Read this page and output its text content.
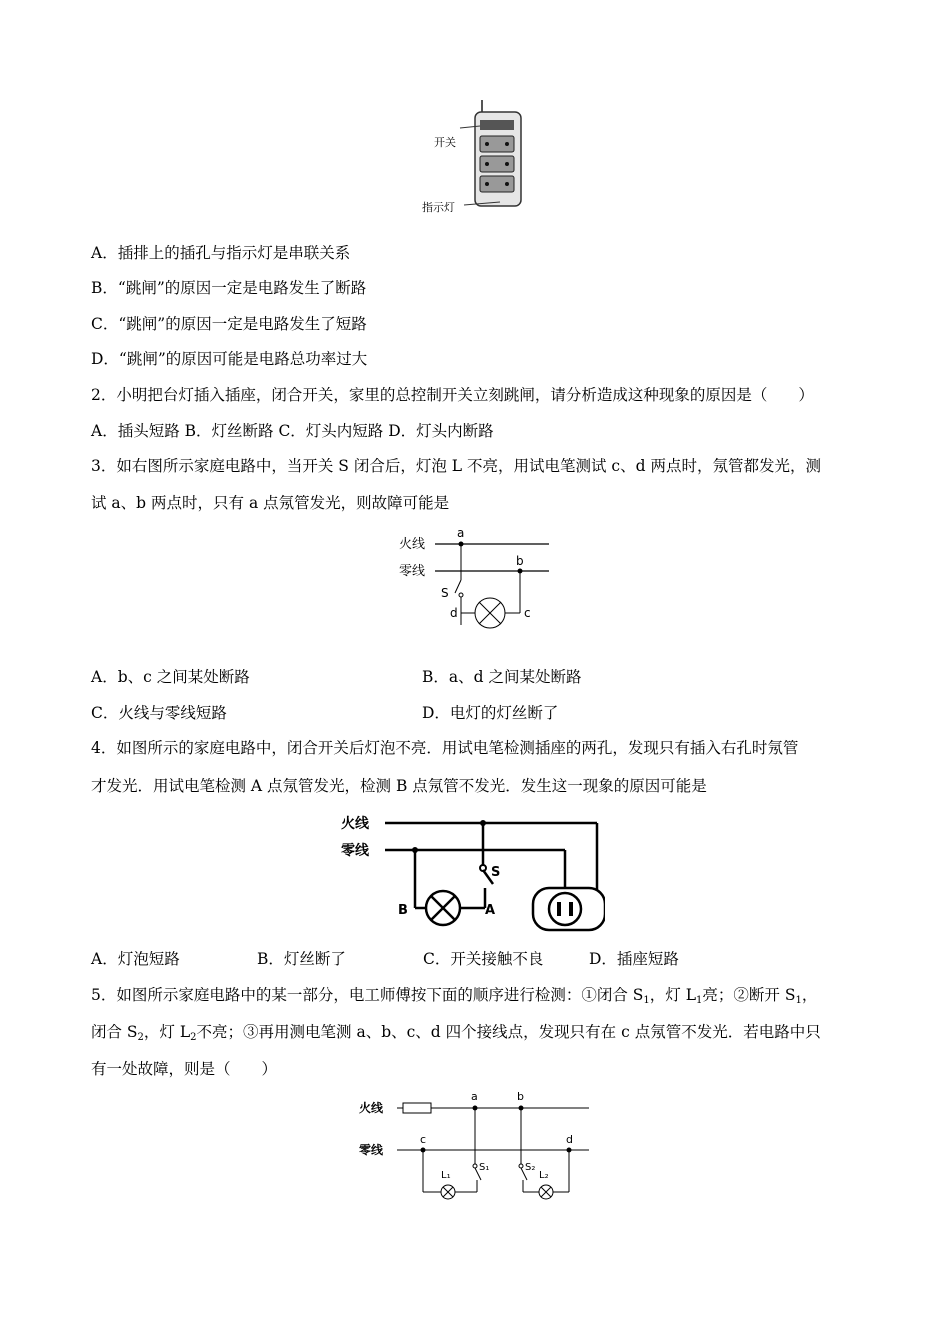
开关
指示灯
A．插排上的插孔与指示灯是串联关系
B．“跳闸”的原因一定是电路发生了断路
C．“跳闸”的原因一定是电路发生了短路
D．“跳闸”的原因可能是电路总功率过大
2．小明把台灯插入插座，闭合开关，家里的总控制开关立刻跳闸，请分析造成这种现象的原因是（　　）
A．插头短路 B．灯丝断路 C．灯头内短路 D．灯头内断路
3．如右图所示家庭电路中，当开关 S 闭合后，灯泡 L 不亮，用试电笔测试 c、d 两点时，氖管都发光，测
试 a、b 两点时，只有 a 点氖管发光，则故障可能是
火线
零线
a
b
S
d	c
A．b、c 之间某处断路	B．a、d 之间某处断路
C．火线与零线短路	D．电灯的灯丝断了
4．如图所示的家庭电路中，闭合开关后灯泡不亮．用试电笔检测插座的两孔，发现只有插入右孔时氖管
才发光．用试电笔检测 A 点氖管发光，检测 B 点氖管不发光．发生这一现象的原因可能是
火线
零线
S
B	A
A．灯泡短路	B．灯丝断了	C．开关接触不良	D．插座短路
5．如图所示家庭电路中的某一部分，电工师傅按下面的顺序进行检测：①闭合 $S_1$，灯 $L_1$亮；②断开 $S_1$，
闭合 $S_2$，灯 $L_2$不亮；③再用测电笔测 a、b、c、d 四个接线点，发现只有在 c 点氖管不发光．若电路中只
有一处故障，则是（　　）
火线
零线
a	b
c	d
S₁	S₂
L₁	L₂
